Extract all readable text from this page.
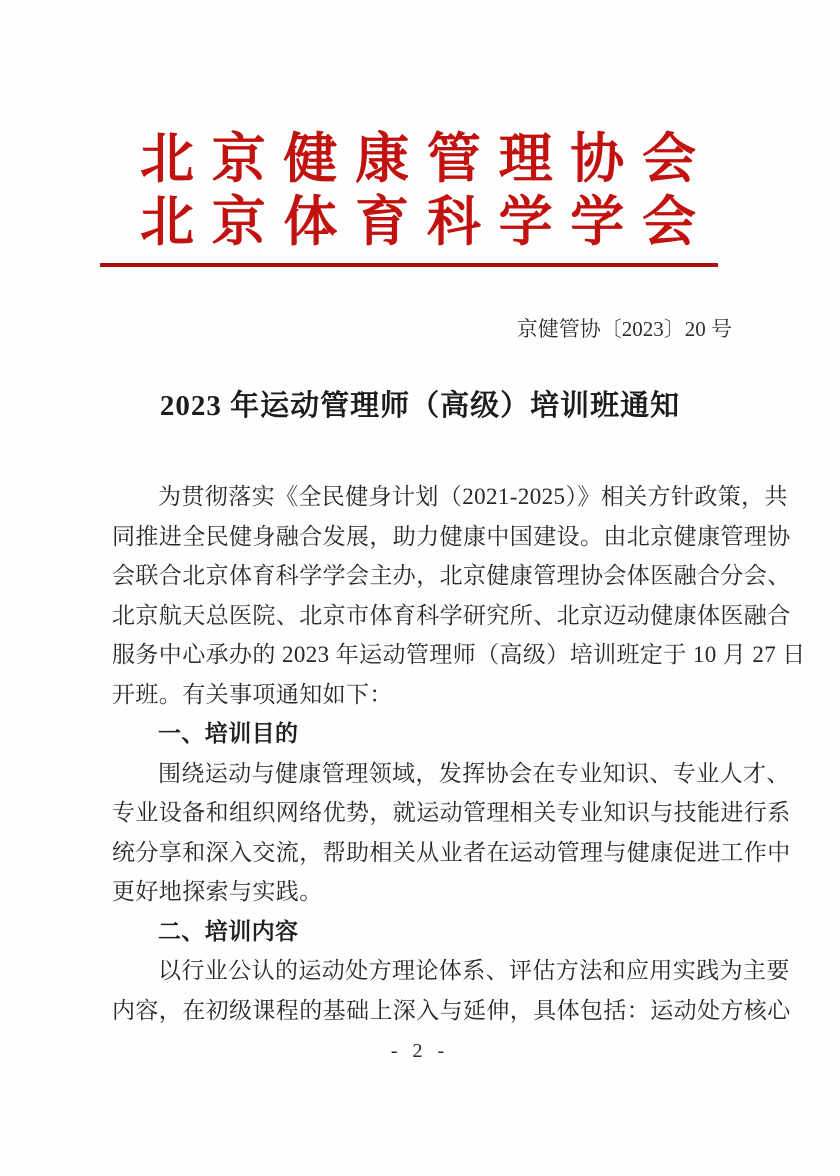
北京健康管理协会
北京体育科学学会
京健管协〔2023〕20 号
2023 年运动管理师（高级）培训班通知
为贯彻落实《全民健身计划（2021-2025）》相关方针政策，共
同推进全民健身融合发展，助力健康中国建设。由北京健康管理协
会联合北京体育科学学会主办，北京健康管理协会体医融合分会、
北京航天总医院、北京市体育科学研究所、北京迈动健康体医融合
服务中心承办的 2023 年运动管理师（高级）培训班定于 10 月 27 日
开班。有关事项通知如下：
一、培训目的
围绕运动与健康管理领域，发挥协会在专业知识、专业人才、
专业设备和组织网络优势，就运动管理相关专业知识与技能进行系
统分享和深入交流，帮助相关从业者在运动管理与健康促进工作中
更好地探索与实践。
二、培训内容
以行业公认的运动处方理论体系、评估方法和应用实践为主要
内容，在初级课程的基础上深入与延伸，具体包括：运动处方核心
- 2 -
